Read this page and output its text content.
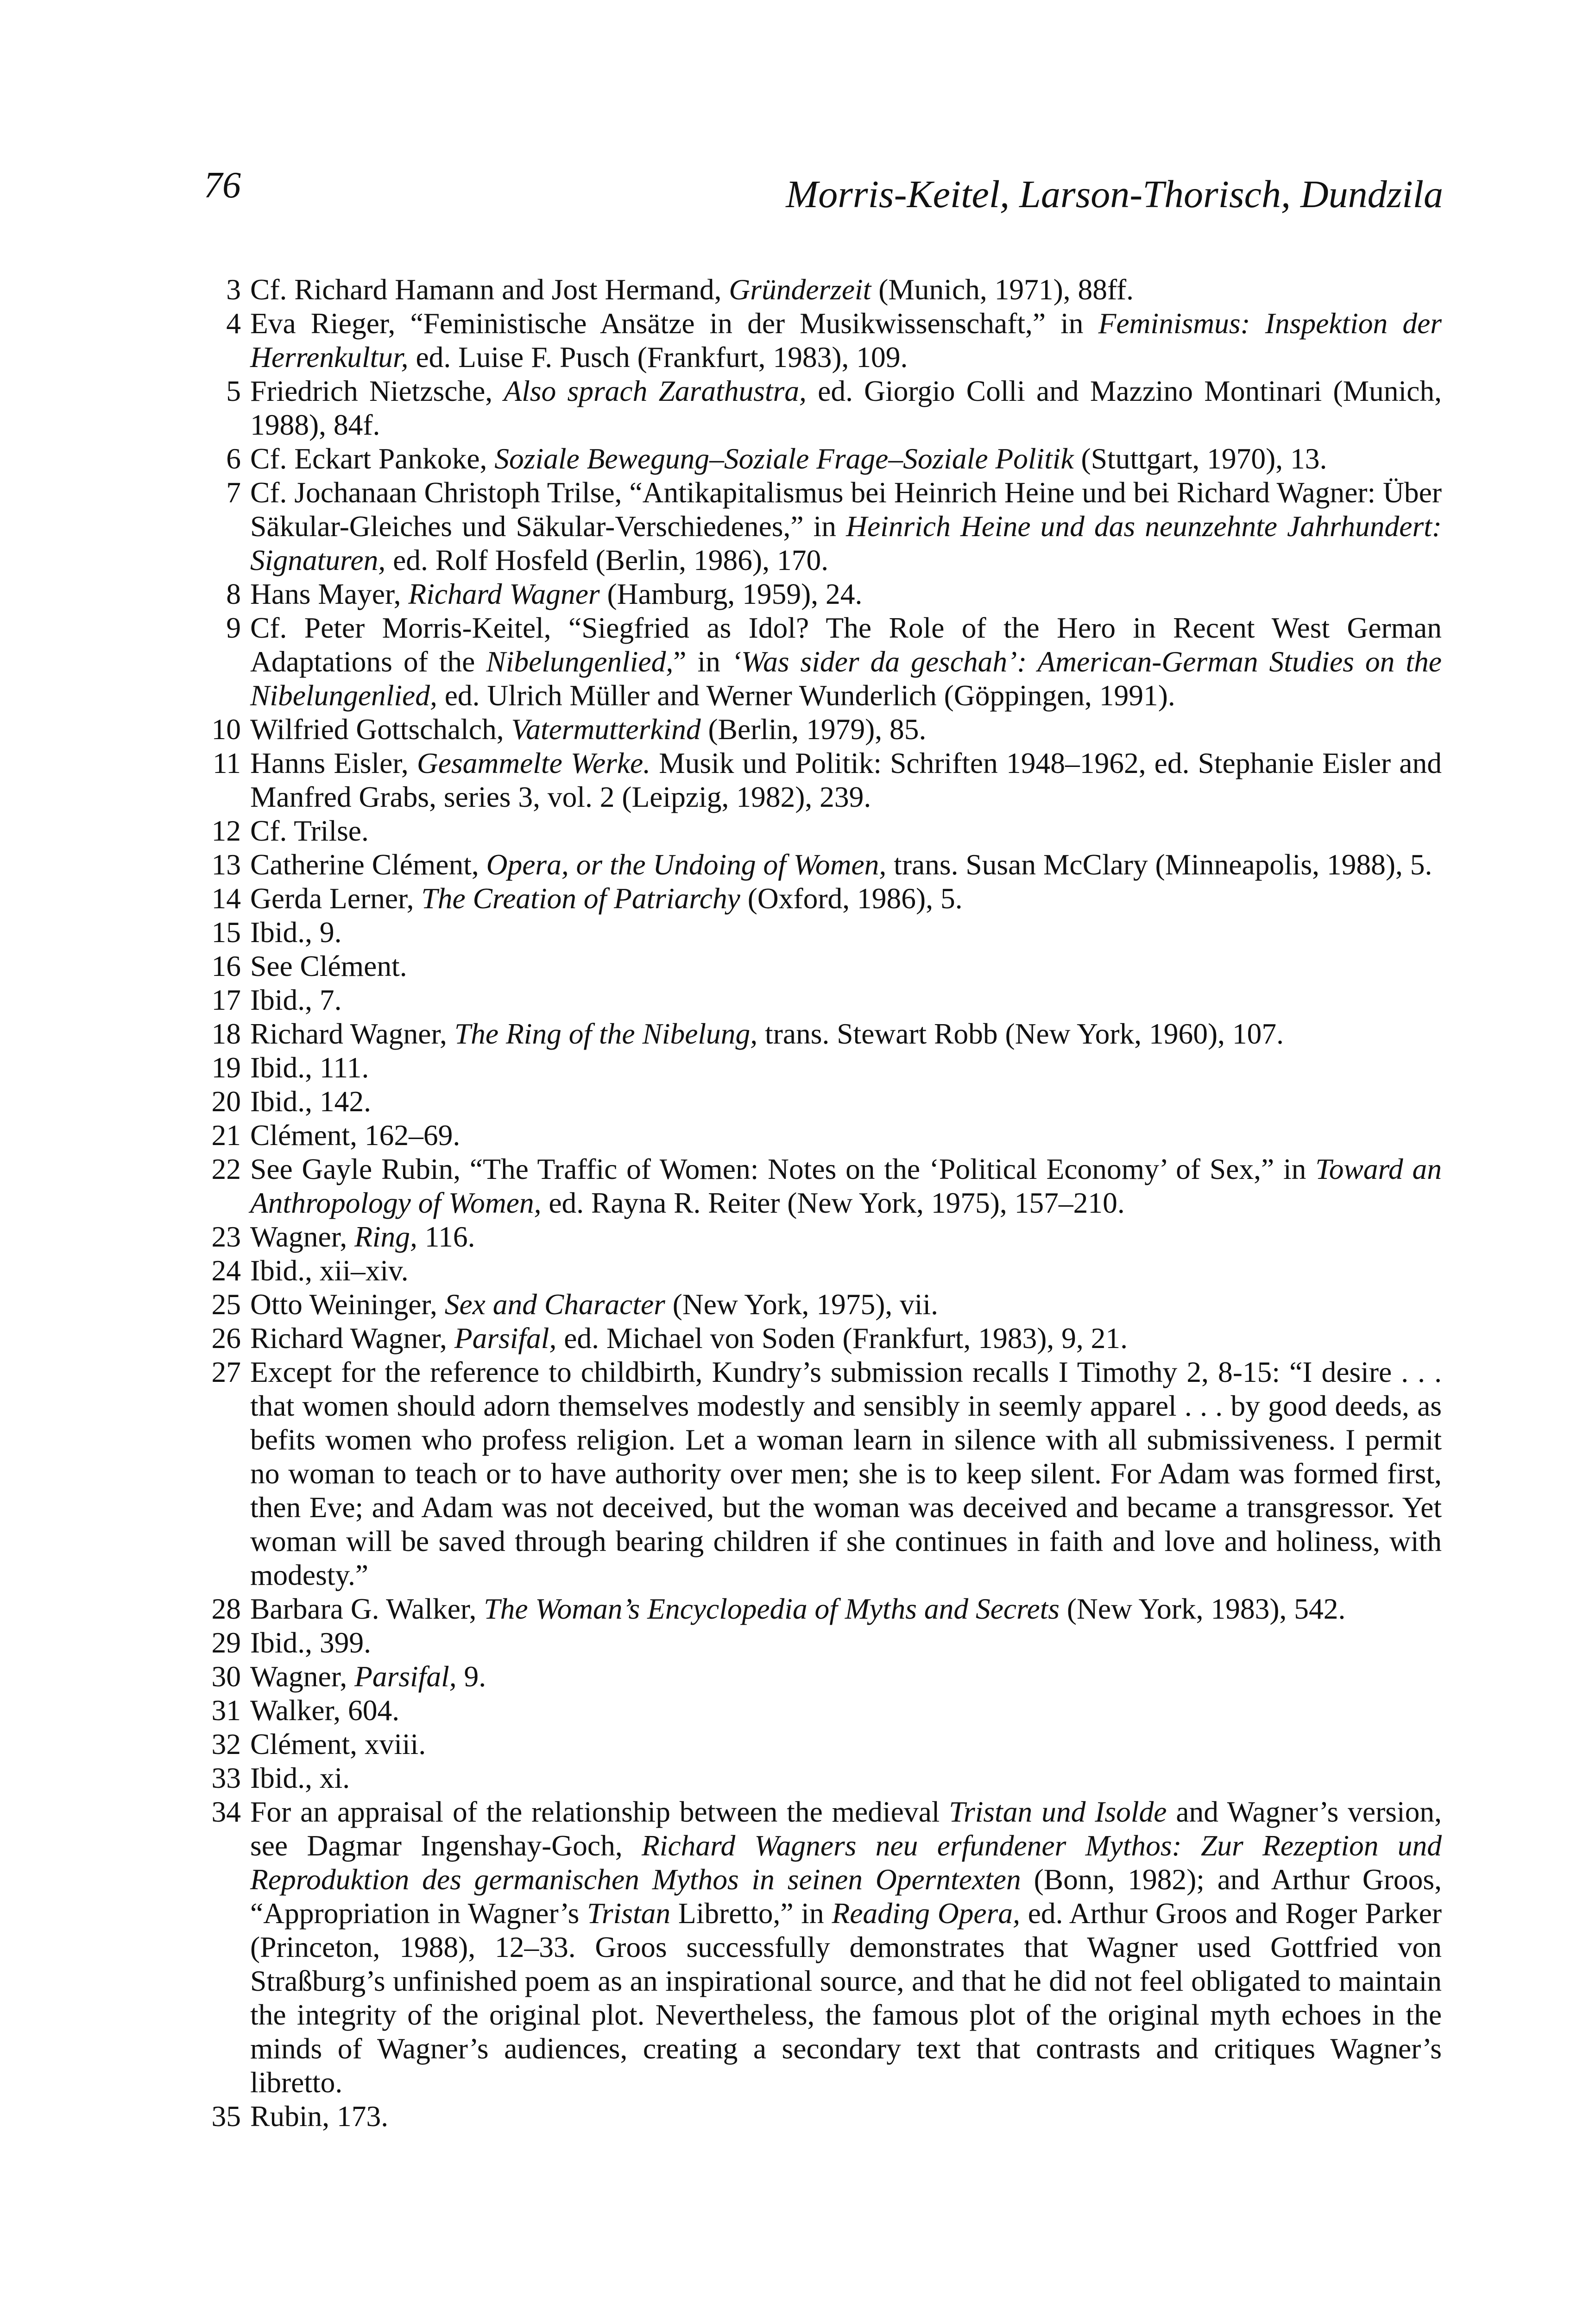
76	Morris-Keitel, Larson-Thorisch, Dundzila
3 Cf. Richard Hamann and Jost Hermand, Gründerzeit (Munich, 1971), 88ff.
4 Eva Rieger, “Feministische Ansätze in der Musikwissenschaft,” in Feminismus: Inspektion der Herrenkultur, ed. Luise F. Pusch (Frankfurt, 1983), 109.
5 Friedrich Nietzsche, Also sprach Zarathustra, ed. Giorgio Colli and Mazzino Montinari (Munich, 1988), 84f.
6 Cf. Eckart Pankoke, Soziale Bewegung–Soziale Frage–Soziale Politik (Stuttgart, 1970), 13.
7 Cf. Jochanaan Christoph Trilse, “Antikapitalismus bei Heinrich Heine und bei Richard Wagner: Über Säkular-Gleiches und Säkular-Verschiedenes,” in Heinrich Heine und das neunzehnte Jahrhundert: Signaturen, ed. Rolf Hosfeld (Berlin, 1986), 170.
8 Hans Mayer, Richard Wagner (Hamburg, 1959), 24.
9 Cf. Peter Morris-Keitel, “Siegfried as Idol? The Role of the Hero in Recent West German Adaptations of the Nibelungenlied,” in ‘Was sider da geschah’: American-German Studies on the Nibelungenlied, ed. Ulrich Müller and Werner Wunderlich (Göppingen, 1991).
10 Wilfried Gottschalch, Vatermutterkind (Berlin, 1979), 85.
11 Hanns Eisler, Gesammelte Werke. Musik und Politik: Schriften 1948–1962, ed. Stephanie Eisler and Manfred Grabs, series 3, vol. 2 (Leipzig, 1982), 239.
12 Cf. Trilse.
13 Catherine Clément, Opera, or the Undoing of Women, trans. Susan McClary (Minneapolis, 1988), 5.
14 Gerda Lerner, The Creation of Patriarchy (Oxford, 1986), 5.
15 Ibid., 9.
16 See Clément.
17 Ibid., 7.
18 Richard Wagner, The Ring of the Nibelung, trans. Stewart Robb (New York, 1960), 107.
19 Ibid., 111.
20 Ibid., 142.
21 Clément, 162–69.
22 See Gayle Rubin, “The Traffic of Women: Notes on the ‘Political Economy’ of Sex,” in Toward an Anthropology of Women, ed. Rayna R. Reiter (New York, 1975), 157–210.
23 Wagner, Ring, 116.
24 Ibid., xii–xiv.
25 Otto Weininger, Sex and Character (New York, 1975), vii.
26 Richard Wagner, Parsifal, ed. Michael von Soden (Frankfurt, 1983), 9, 21.
27 Except for the reference to childbirth, Kundry’s submission recalls I Timothy 2, 8-15: “I desire . . . that women should adorn themselves modestly and sensibly in seemly apparel . . . by good deeds, as befits women who profess religion. Let a woman learn in silence with all submissiveness. I permit no woman to teach or to have authority over men; she is to keep silent. For Adam was formed first, then Eve; and Adam was not deceived, but the woman was deceived and became a transgressor. Yet woman will be saved through bearing children if she continues in faith and love and holiness, with modesty.”
28 Barbara G. Walker, The Woman’s Encyclopedia of Myths and Secrets (New York, 1983), 542.
29 Ibid., 399.
30 Wagner, Parsifal, 9.
31 Walker, 604.
32 Clément, xviii.
33 Ibid., xi.
34 For an appraisal of the relationship between the medieval Tristan und Isolde and Wagner’s version, see Dagmar Ingenshay-Goch, Richard Wagners neu erfundener Mythos: Zur Rezeption und Reproduktion des germanischen Mythos in seinen Operntexten (Bonn, 1982); and Arthur Groos, “Appropriation in Wagner’s Tristan Libretto,” in Reading Opera, ed. Arthur Groos and Roger Parker (Princeton, 1988), 12–33. Groos successfully demonstrates that Wagner used Gottfried von Straßburg’s unfinished poem as an inspirational source, and that he did not feel obligated to maintain the integrity of the original plot. Nevertheless, the famous plot of the original myth echoes in the minds of Wagner’s audiences, creating a secondary text that contrasts and critiques Wagner’s libretto.
35 Rubin, 173.
